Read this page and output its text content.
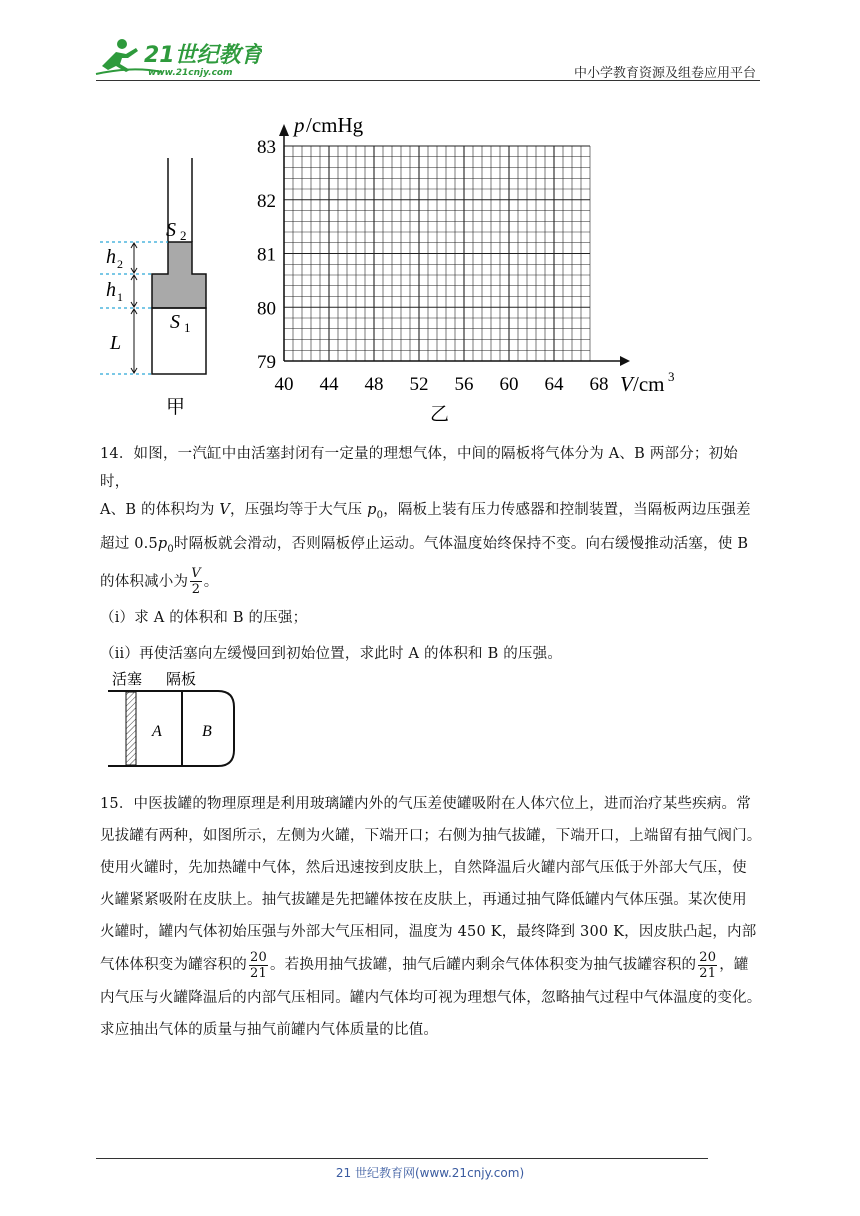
21世纪教育
www.21cnjy.com	中小学教育资源及组卷应用平台
S 2
S 1
h 2
h 1
L
p /cmHg
V /cm 3
83
82
81
80
79
40 44 48 52 56 60 64 68
甲	乙

14．如图，一汽缸中由活塞封闭有一定量的理想气体，中间的隔板将气体分为 A、B 两部分；初始时，

A、B 的体积均为 V，压强均等于大气压 $p_0$，隔板上装有压力传感器和控制装置，当隔板两边压强差

超过 $0.5p_0$时隔板就会滑动，否则隔板停止运动。气体温度始终保持不变。向右缓慢推动活塞，使 B

的体积减小为 $\frac{V}{2}$ 。

（i）求 A 的体积和 B 的压强；

（ii）再使活塞向左缓慢回到初始位置，求此时 A 的体积和 B 的压强。

活塞 隔板
A	B

15．中医拔罐的物理原理是利用玻璃罐内外的气压差使罐吸附在人体穴位上，进而治疗某些疾病。常

见拔罐有两种，如图所示，左侧为火罐，下端开口；右侧为抽气拔罐，下端开口，上端留有抽气阀门。

使用火罐时，先加热罐中气体，然后迅速按到皮肤上，自然降温后火罐内部气压低于外部大气压，使

火罐紧紧吸附在皮肤上。抽气拔罐是先把罐体按在皮肤上，再通过抽气降低罐内气体压强。某次使用

火罐时，罐内气体初始压强与外部大气压相同，温度为 450 K，最终降到 300 K，因皮肤凸起，内部

气体体积变为罐容积的 $\frac{20}{21}$ 。若换用抽气拔罐，抽气后罐内剩余气体体积变为抽气拔罐容积的 $\frac{20}{21}$ ，罐

内气压与火罐降温后的内部气压相同。罐内气体均可视为理想气体，忽略抽气过程中气体温度的变化。

求应抽出气体的质量与抽气前罐内气体质量的比值。

21 世纪教育网(www.21cnjy.com)
